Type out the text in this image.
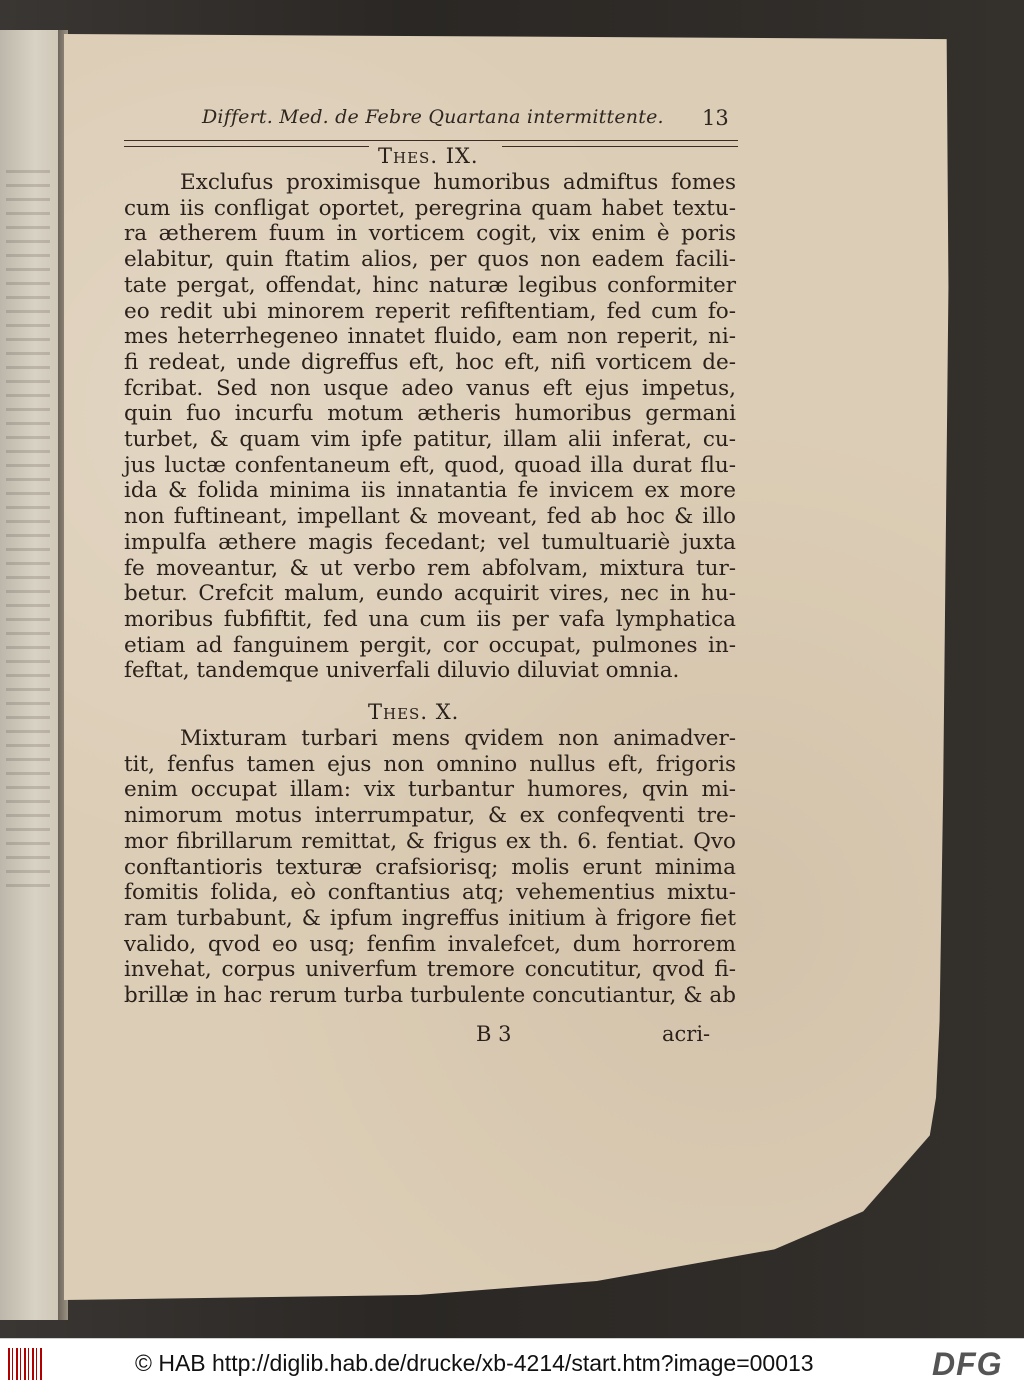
Differt. Med. de Febre Quartana intermittente. 13
Thes. IX.
Exclufus proximisque humoribus admiftus fomes
cum iis confligat oportet, peregrina quam habet textu-
ra ætherem fuum in vorticem cogit, vix enim è poris
elabitur, quin ftatim alios, per quos non eadem facili-
tate pergat, offendat, hinc naturæ legibus conformiter
eo redit ubi minorem reperit refiftentiam, fed cum fo-
mes heterrhegeneo innatet fluido, eam non reperit, ni-
fi redeat, unde digreffus eft, hoc eft, nifi vorticem de-
fcribat. Sed non usque adeo vanus eft ejus impetus,
quin fuo incurfu motum ætheris humoribus germani
turbet, & quam vim ipfe patitur, illam alii inferat, cu-
jus luctæ confentaneum eft, quod, quoad illa durat flu-
ida & folida minima iis innatantia fe invicem ex more
non fuftineant, impellant & moveant, fed ab hoc & illo
impulfa æthere magis fecedant; vel tumultuariè juxta
fe moveantur, & ut verbo rem abfolvam, mixtura tur-
betur. Crefcit malum, eundo acquirit vires, nec in hu-
moribus fubfiftit, fed una cum iis per vafa lymphatica
etiam ad fanguinem pergit, cor occupat, pulmones in-
feftat, tandemque univerfali diluvio diluviat omnia.
Thes. X.
Mixturam turbari mens qvidem non animadver-
tit, fenfus tamen ejus non omnino nullus eft, frigoris
enim occupat illam: vix turbantur humores, qvin mi-
nimorum motus interrumpatur, & ex confeqventi tre-
mor fibrillarum remittat, & frigus ex th. 6. fentiat. Qvo
conftantioris texturæ crafsiorisq; molis erunt minima
fomitis folida, eò conftantius atq; vehementius mixtu-
ram turbabunt, & ipfum ingreffus initium à frigore fiet
valido, qvod eo usq; fenfim invalefcet, dum horrorem
invehat, corpus univerfum tremore concutitur, qvod fi-
brillæ in hac rerum turba turbulente concutiantur, & ab
B 3	acri-
© HAB http://diglib.hab.de/drucke/xb-4214/start.htm?image=00013	DFG
